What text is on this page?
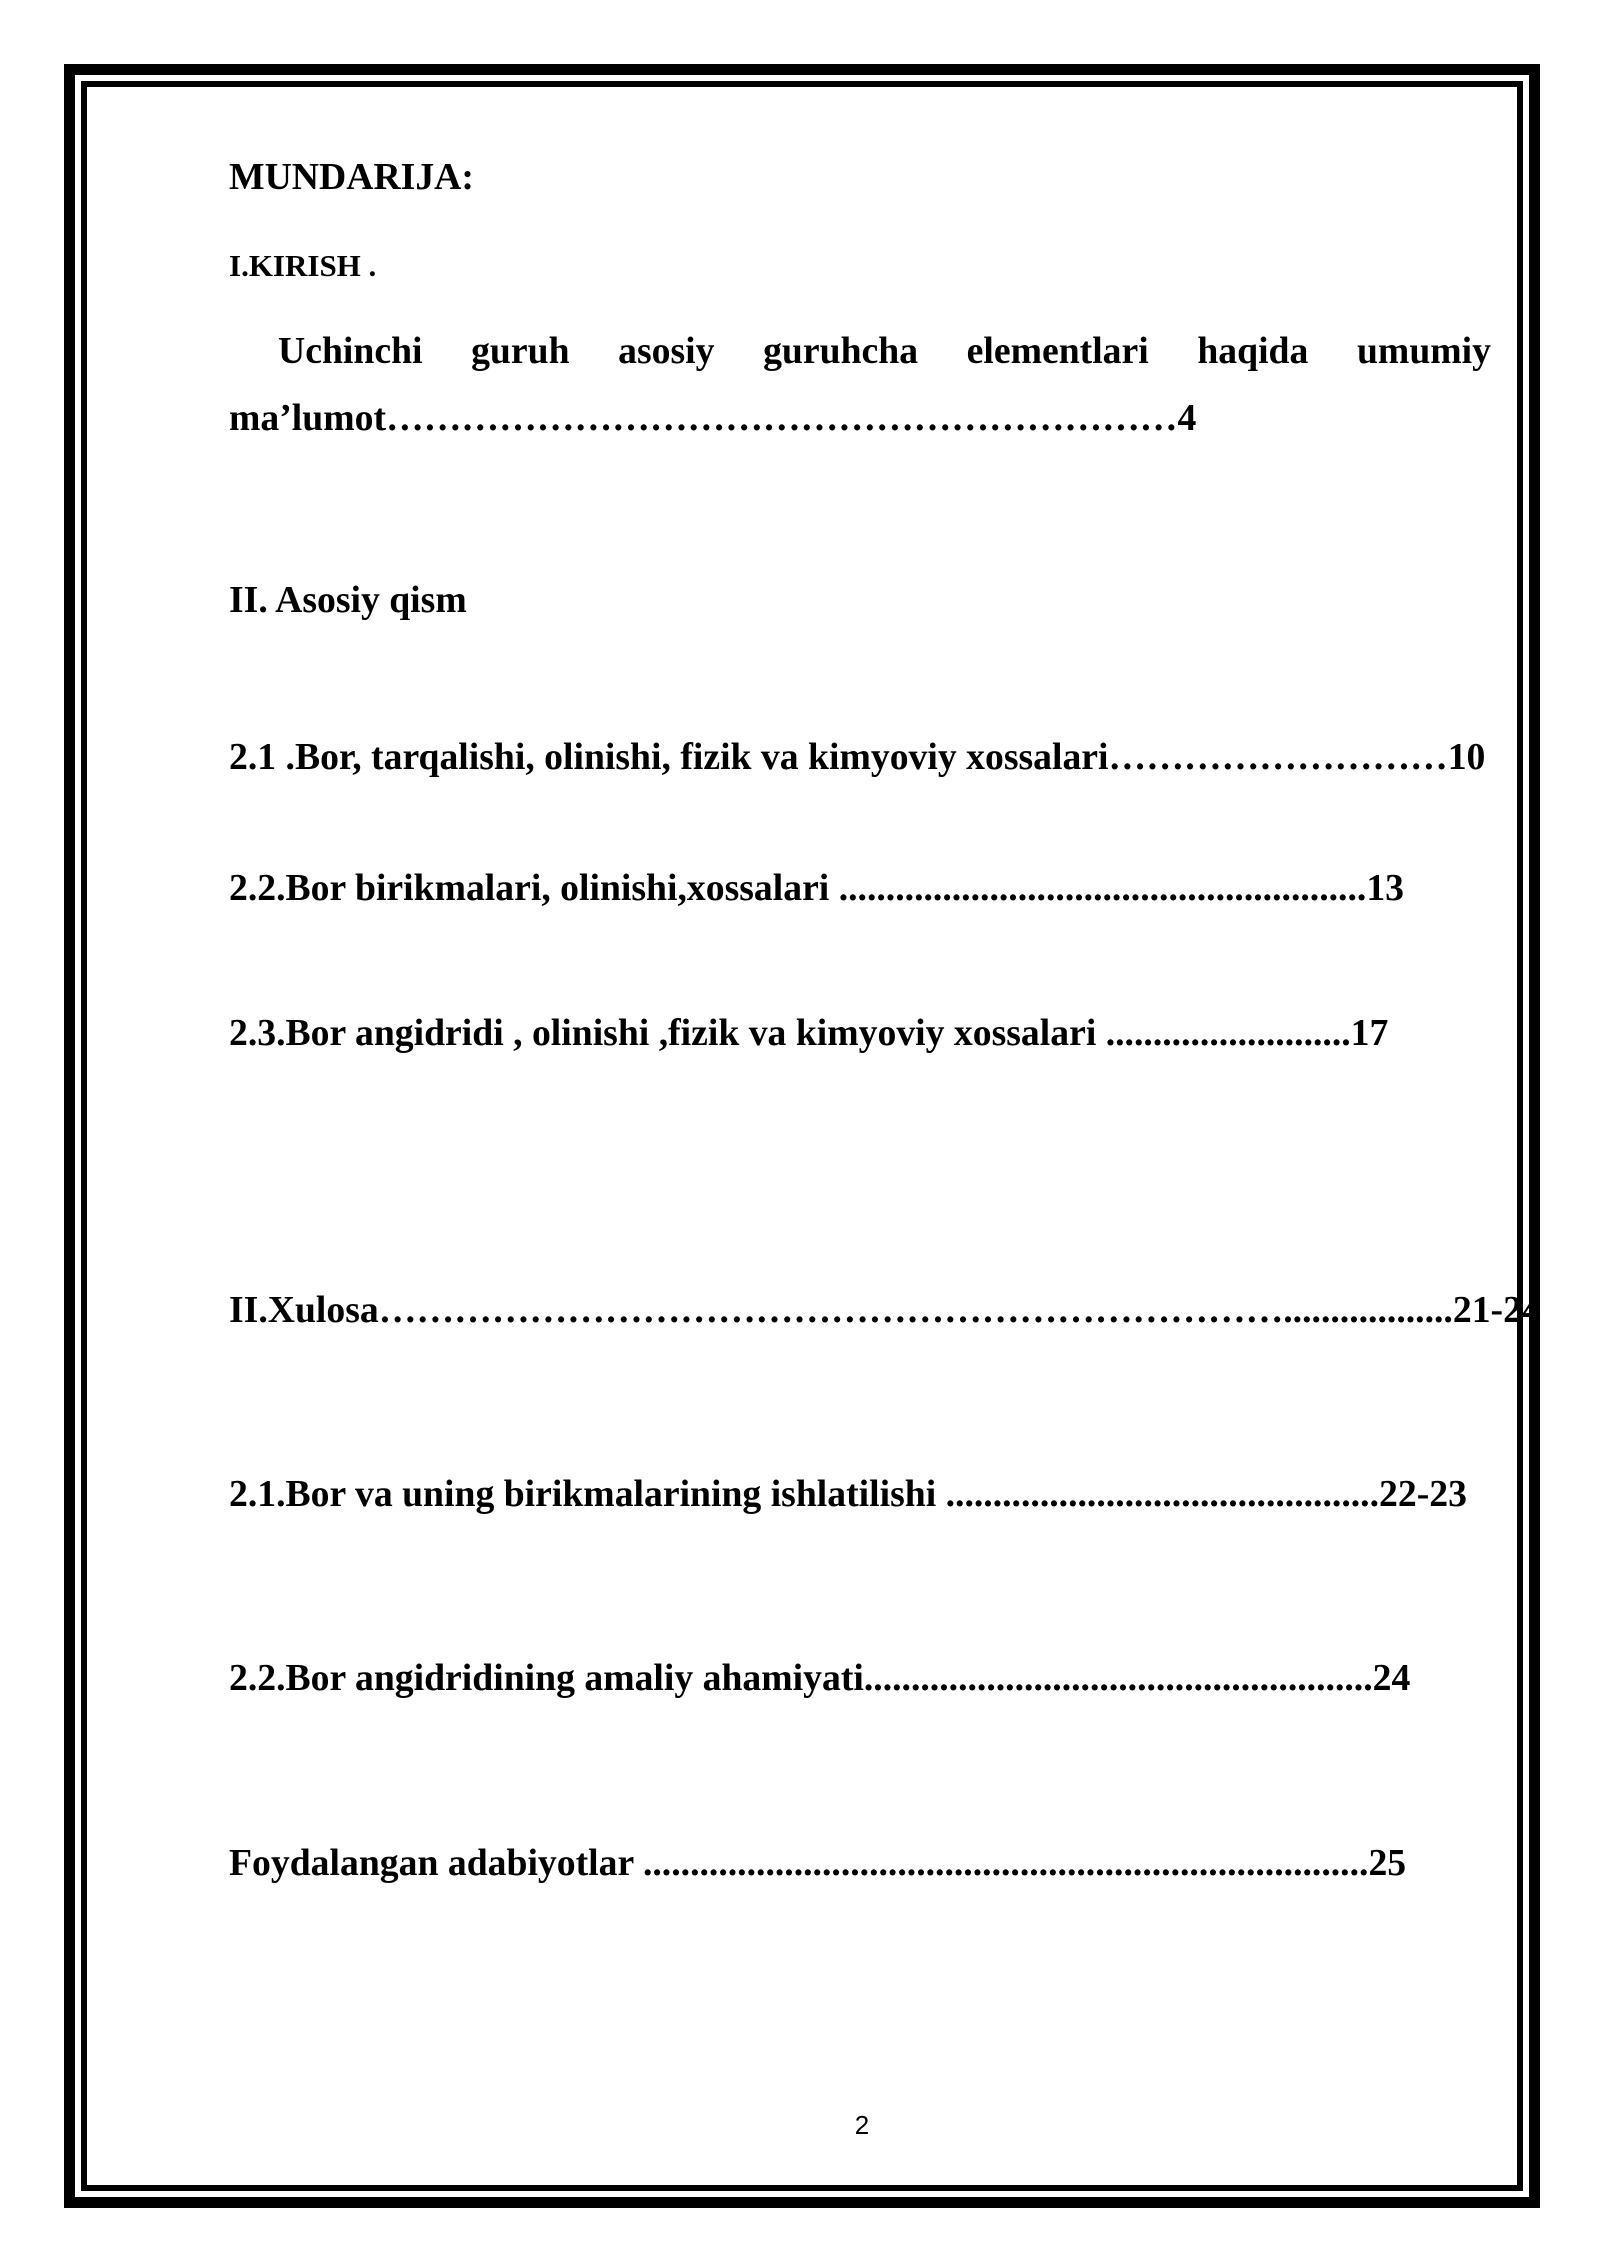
MUNDARIJA:
I.KIRISH .
Uchinchi guruh asosiy guruhcha elementlari haqida umumiy
ma’lumot………………………………………………………4
II. Asosiy qism
2.1 .Bor, tarqalishi, olinishi, fizik va kimyoviy xossalari………………………10
2.2.Bor birikmalari, olinishi,xossalari ........................................................13
2.3.Bor angidridi , olinishi ,fizik va kimyoviy xossalari ..........................17
II.Xulosa………………………………………………………………..................21-24
2.1.Bor va uning birikmalarining ishlatilishi ..............................................22-23
2.2.Bor angidridining amaliy ahamiyati......................................................24
Foydalangan adabiyotlar .............................................................................25
2
